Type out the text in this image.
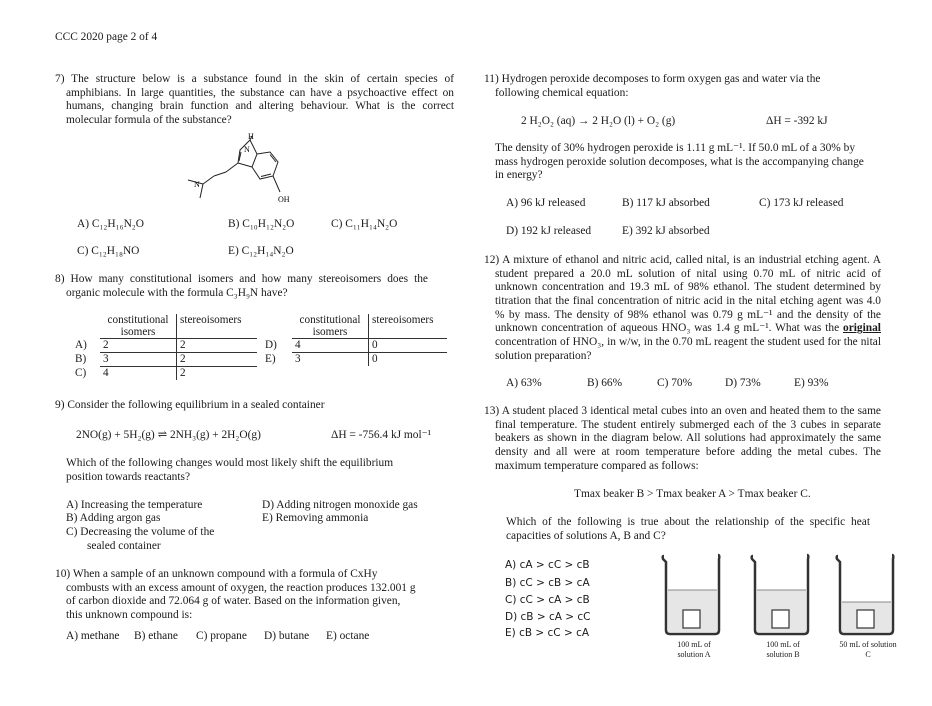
CCC 2020 page 2 of 4

7) The structure below is a substance found in the skin of certain species of amphibians. In large quantities, the substance can have a psychoactive effect on humans, changing brain function and altering behaviour. What is the correct molecular formula of the substance?

H
N
N
OH
A) C₁₂H₁₆N₂O	B) C₁₀H₁₂N₂O	C) C₁₁H₁₄N₂O
C) C₁₂H₁₈NO	E) C₁₂H₁₄N₂O

8) How many constitutional isomers and how many stereoisomers does the organic molecule with the formula C₃H₉N have?

	constitutional isomers	stereoisomers
A)	2	2
B)	3	2
C)	4	2
	constitutional isomers	stereoisomers
D)	4	0
E)	3	0
9) Consider the following equilibrium in a sealed container
2NO(g) + 5H₂(g) ⇌ 2NH₃(g) + 2H₂O(g)	ΔH = -756.4 kJ mol⁻¹

Which of the following changes would most likely shift the equilibrium position towards reactants?

A) Increasing the temperature
B) Adding argon gas
C) Decreasing the volume of the sealed container
D) Adding nitrogen monoxide gas
E) Removing ammonia

10) When a sample of an unknown compound with a formula of CxHy combusts with an excess amount of oxygen, the reaction produces 132.001 g of carbon dioxide and 72.064 g of water. Based on the information given, this unknown compound is:

A) methane B) ethane C) propane D) butane E) octane

11) Hydrogen peroxide decomposes to form oxygen gas and water via the following chemical equation:

2 H₂O₂ (aq) → 2 H₂O (l) + O₂ (g)	ΔH = -392 kJ

The density of 30% hydrogen peroxide is 1.11 g mL⁻¹. If 50.0 mL of a 30% by mass hydrogen peroxide solution decomposes, what is the accompanying change in energy?

A) 96 kJ released	B) 117 kJ absorbed	C) 173 kJ released
D) 192 kJ released	E) 392 kJ absorbed

12) A mixture of ethanol and nitric acid, called nital, is an industrial etching agent. A student prepared a 20.0 mL solution of nital using 0.70 mL of nitric acid of unknown concentration and 19.3 mL of 98% ethanol. The student determined by titration that the final concentration of nitric acid in the nital etching agent was 4.0 % by mass. The density of 98% ethanol was 0.79 g mL⁻¹ and the density of the unknown concentration of aqueous HNO₃ was 1.4 g mL⁻¹. What was the original concentration of HNO₃, in w/w, in the 0.70 mL reagent the student used for the nital solution preparation?

A) 63%	B) 66%	C) 70%	D) 73%	E) 93%

13) A student placed 3 identical metal cubes into an oven and heated them to the same final temperature. The student entirely submerged each of the 3 cubes in separate beakers as shown in the diagram below. All solutions had approximately the same density and all were at room temperature before adding the metal cubes. The maximum temperature compared as follows:

Tmax beaker B > Tmax beaker A > Tmax beaker C.

Which of the following is true about the relationship of the specific heat capacities of solutions A, B and C?

A) cA > cC > cB
B) cC > cB > cA
C) cC > cA > cB
D) cB > cA > cC
E) cB > cC > cA
100 mL of solution A
100 mL of solution B
50 mL of solution C
